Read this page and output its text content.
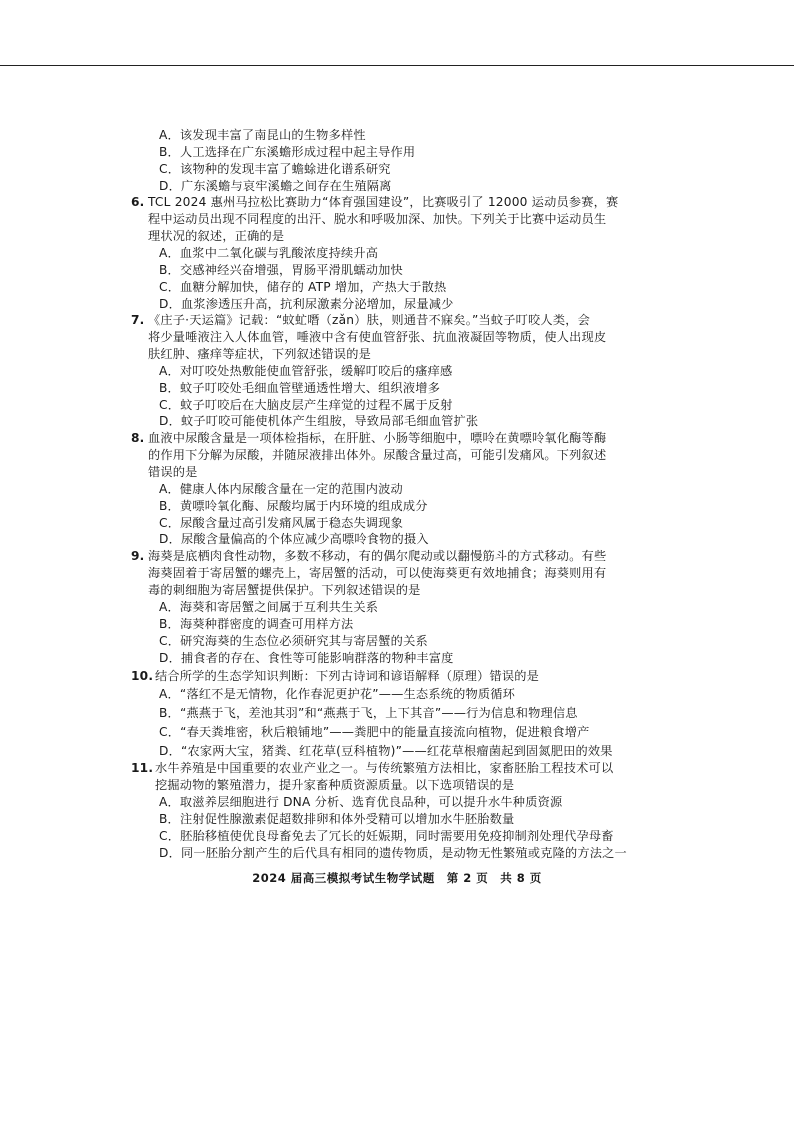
A．该发现丰富了南昆山的生物多样性
B．人工选择在广东溪蟾形成过程中起主导作用
C．该物种的发现丰富了蟾蜍进化谱系研究
D．广东溪蟾与哀牢溪蟾之间存在生殖隔离
6. TCL 2024 惠州马拉松比赛助力“体育强国建设”，比赛吸引了 12000 运动员参赛，赛
程中运动员出现不同程度的出汗、脱水和呼吸加深、加快。下列关于比赛中运动员生
理状况的叙述，正确的是
A．血浆中二氧化碳与乳酸浓度持续升高
B．交感神经兴奋增强，胃肠平滑肌蠕动加快
C．血糖分解加快，储存的 ATP 增加，产热大于散热
D．血浆渗透压升高，抗利尿激素分泌增加，尿量减少
7. 《庄子·天运篇》记载：“蚊虻噆（zǎn）肤，则通昔不寐矣。”当蚊子叮咬人类，会
将少量唾液注入人体血管，唾液中含有使血管舒张、抗血液凝固等物质，使人出现皮
肤红肿、瘙痒等症状，下列叙述错误的是
A．对叮咬处热敷能使血管舒张，缓解叮咬后的瘙痒感
B．蚊子叮咬处毛细血管壁通透性增大、组织液增多
C．蚊子叮咬后在大脑皮层产生痒觉的过程不属于反射
D．蚊子叮咬可能使机体产生组胺，导致局部毛细血管扩张
8. 血液中尿酸含量是一项体检指标，在肝脏、小肠等细胞中，嘌呤在黄嘌呤氧化酶等酶
的作用下分解为尿酸，并随尿液排出体外。尿酸含量过高，可能引发痛风。下列叙述
错误的是
A．健康人体内尿酸含量在一定的范围内波动
B．黄嘌呤氧化酶、尿酸均属于内环境的组成成分
C．尿酸含量过高引发痛风属于稳态失调现象
D．尿酸含量偏高的个体应减少高嘌呤食物的摄入
9. 海葵是底栖肉食性动物，多数不移动，有的偶尔爬动或以翻慢筋斗的方式移动。有些
海葵固着于寄居蟹的螺壳上，寄居蟹的活动，可以使海葵更有效地捕食；海葵则用有
毒的刺细胞为寄居蟹提供保护。下列叙述错误的是
A．海葵和寄居蟹之间属于互利共生关系
B．海葵种群密度的调查可用样方法
C．研究海葵的生态位必须研究其与寄居蟹的关系
D．捕食者的存在、食性等可能影响群落的物种丰富度
10. 结合所学的生态学知识判断：下列古诗词和谚语解释（原理）错误的是
A．“落红不是无情物，化作春泥更护花”——生态系统的物质循环
B．“燕燕于飞，差池其羽”和“燕燕于飞，上下其音”——行为信息和物理信息
C．“春天粪堆密，秋后粮铺地”——粪肥中的能量直接流向植物，促进粮食增产
D．“农家两大宝，猪粪、红花草(豆科植物)”——红花草根瘤菌起到固氮肥田的效果
11. 水牛养殖是中国重要的农业产业之一。与传统繁殖方法相比，家畜胚胎工程技术可以
挖掘动物的繁殖潜力，提升家畜种质资源质量。以下选项错误的是
A．取滋养层细胞进行 DNA 分析、选育优良品种，可以提升水牛种质资源
B．注射促性腺激素促超数排卵和体外受精可以增加水牛胚胎数量
C．胚胎移植使优良母畜免去了冗长的妊娠期，同时需要用免疫抑制剂处理代孕母畜
D．同一胚胎分割产生的后代具有相同的遗传物质，是动物无性繁殖或克隆的方法之一
2024 届高三模拟考试生物学试题　第 2 页　共 8 页
